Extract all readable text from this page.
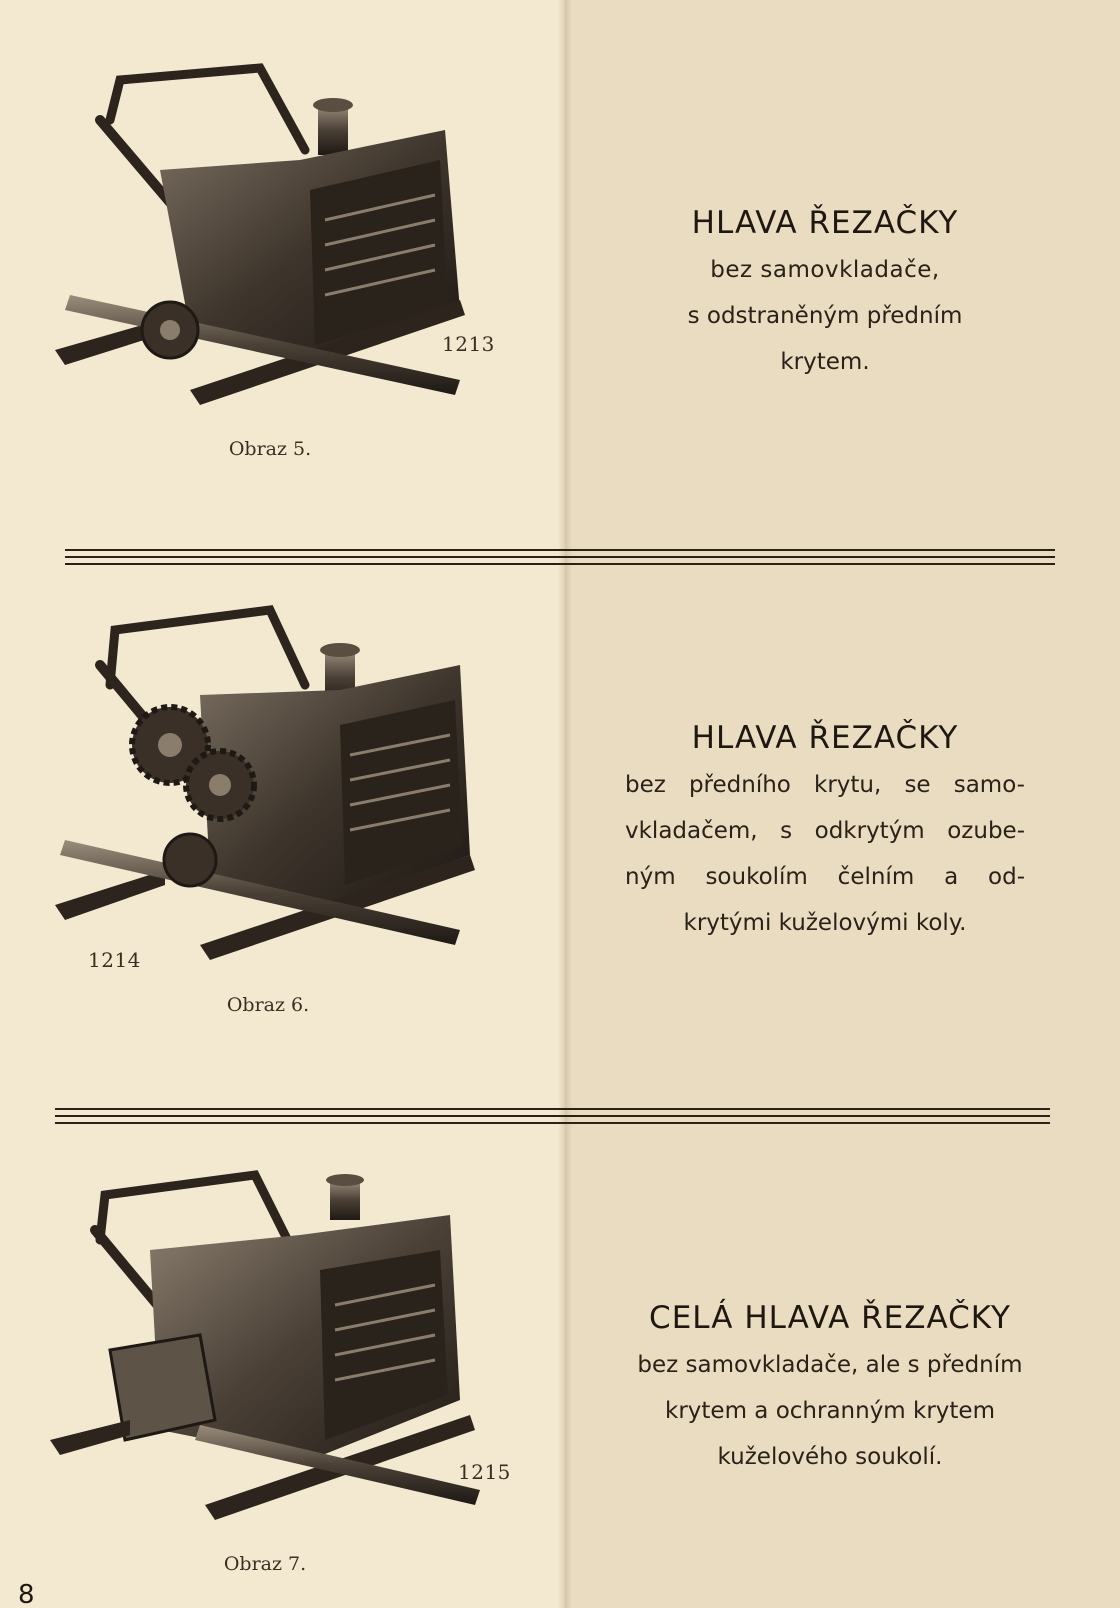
1213
Obraz 5.
HLAVA ŘEZAČKY

bez samovkladače,

s odstraněným předním

krytem.

1214
Obraz 6.
HLAVA ŘEZAČKY

bez předního krytu, se samo-

vkladačem, s odkrytým ozube-

ným soukolím čelním a od-

krytými kuželovými koly.

1215
Obraz 7.
CELÁ HLAVA ŘEZAČKY

bez samovkladače, ale s předním

krytem a ochranným krytem

kuželového soukolí.

8
